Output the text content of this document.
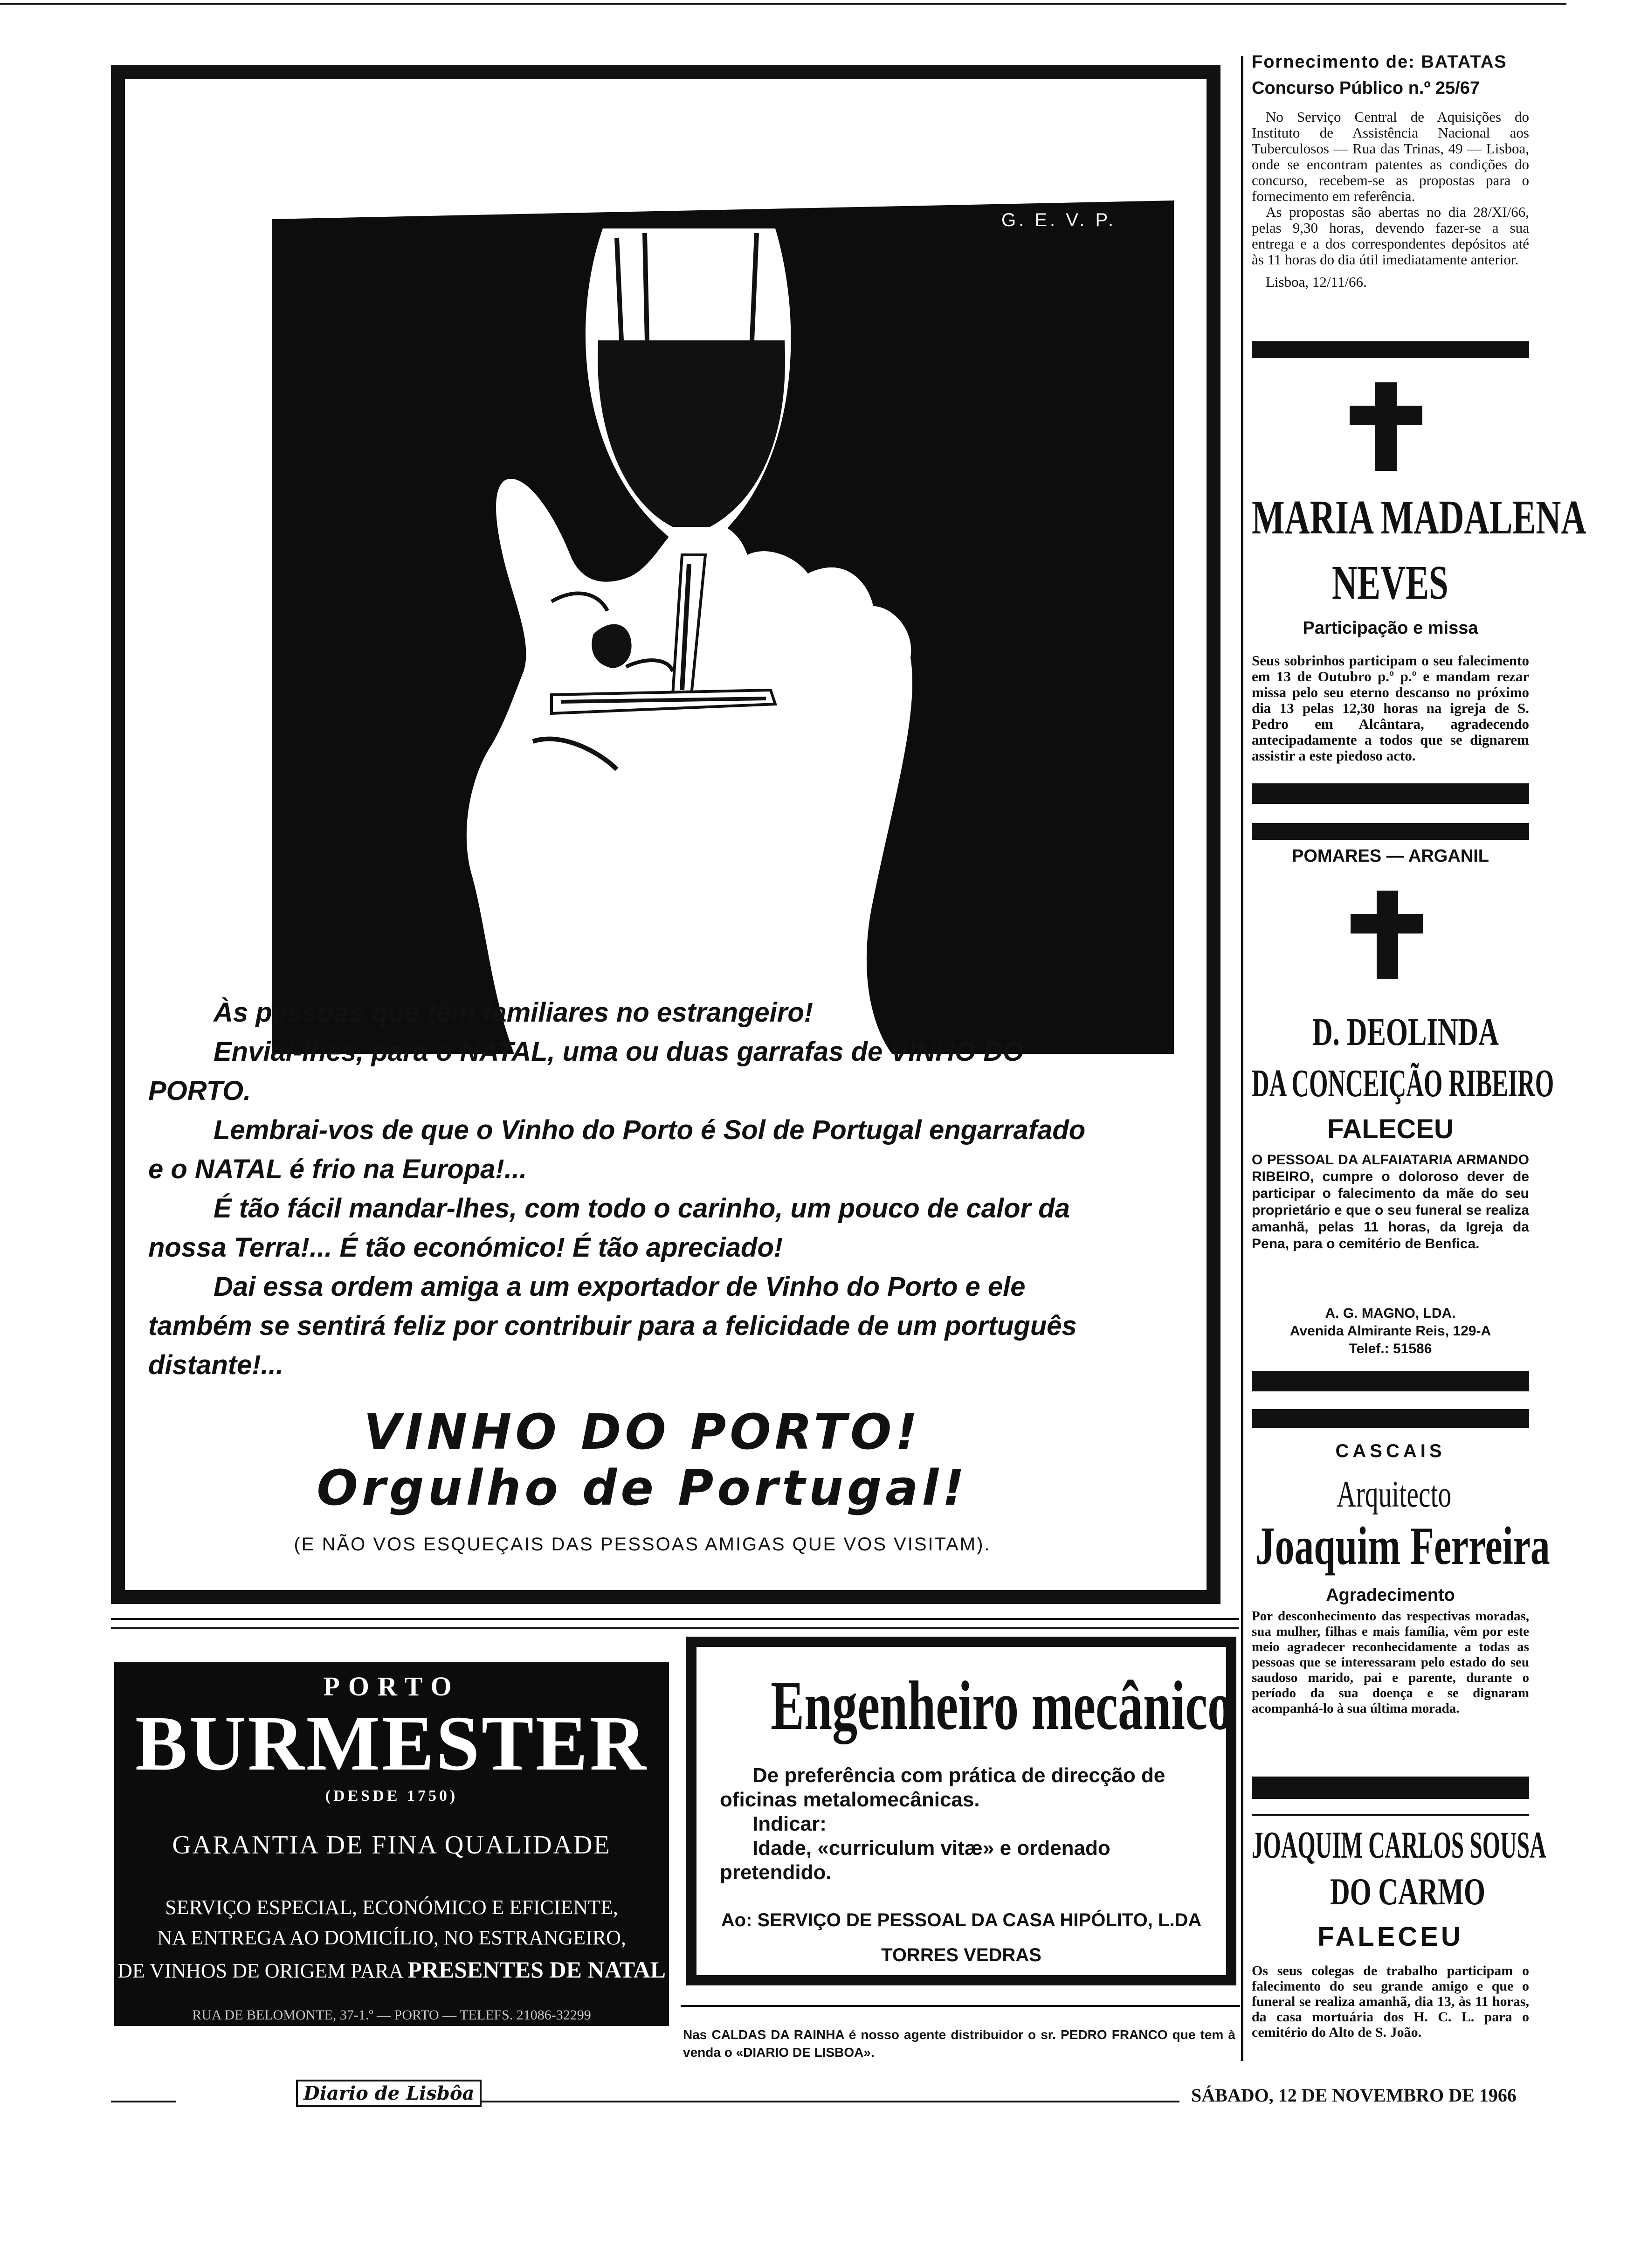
G. E. V. P.

Às pessoas que têm familiares no estrangeiro!

Enviai-lhes, para o NATAL, uma ou duas garrafas de VINHO DO PORTO.

Lembrai-vos de que o Vinho do Porto é Sol de Portugal engarrafado e o NATAL é frio na Europa!...

É tão fácil mandar-lhes, com todo o carinho, um pouco de calor da nossa Terra!... É tão económico! É tão apreciado!

Dai essa ordem amiga a um exportador de Vinho do Porto e ele também se sentirá feliz por contribuir para a felicidade de um português distante!...

VINHO DO PORTO!
Orgulho de Portugal!
(E NÃO VOS ESQUEÇAIS DAS PESSOAS AMIGAS QUE VOS VISITAM).
Fornecimento de: BATATAS
Concurso Público n.º 25/67

No Serviço Central de Aquisições do Instituto de Assistência Nacional aos Tuberculosos — Rua das Trinas, 49 — Lisboa, onde se encontram patentes as condições do concurso, recebem-se as propostas para o fornecimento em referência.

As propostas são abertas no dia 28/XI/66, pelas 9,30 horas, devendo fazer-se a sua entrega e a dos correspondentes depósitos até às 11 horas do dia útil imediatamente anterior.

Lisboa, 12/11/66.

MARIA MADALENA
NEVES
Participação e missa
Seus sobrinhos participam o seu falecimento em 13 de Outubro p.º p.º e mandam rezar missa pelo seu eterno descanso no próximo dia 13 pelas 12,30 horas na igreja de S. Pedro em Alcântara, agradecendo antecipadamente a todos que se dignarem assistir a este piedoso acto.
POMARES — ARGANIL
D. DEOLINDA
DA CONCEIÇÃO RIBEIRO
FALECEU
O PESSOAL DA ALFAIATARIA ARMANDO RIBEIRO, cumpre o doloroso dever de participar o falecimento da mãe do seu proprietário e que o seu funeral se realiza amanhã, pelas 11 horas, da Igreja da Pena, para o cemitério de Benfica.
A. G. MAGNO, LDA.
Avenida Almirante Reis, 129-A
Telef.: 51586
CASCAIS
Arquitecto
Joaquim Ferreira
Agradecimento
Por desconhecimento das respectivas moradas, sua mulher, filhas e mais família, vêm por este meio agradecer reconhecidamente a todas as pessoas que se interessaram pelo estado do seu saudoso marido, pai e parente, durante o período da sua doença e se dignaram acompanhá-lo à sua última morada.
JOAQUIM CARLOS SOUSA
DO CARMO
FALECEU
Os seus colegas de trabalho participam o falecimento do seu grande amigo e que o funeral se realiza amanhã, dia 13, às 11 horas, da casa mortuária dos H. C. L. para o cemitério do Alto de S. João.
PORTO
BURMESTER
(DESDE 1750)
GARANTIA DE FINA QUALIDADE
SERVIÇO ESPECIAL, ECONÓMICO E EFICIENTE,
NA ENTREGA AO DOMICÍLIO, NO ESTRANGEIRO,
DE VINHOS DE ORIGEM PARA PRESENTES DE NATAL
RUA DE BELOMONTE, 37-1.º — PORTO — TELEFS. 21086-32299
Engenheiro mecânico

De preferência com prática de direcção de oficinas metalomecânicas.

Indicar:

Idade, «curriculum vitæ» e ordenado pretendido.

Ao: SERVIÇO DE PESSOAL DA CASA HIPÓLITO, L.DA
TORRES VEDRAS
Nas CALDAS DA RAINHA é nosso agente distribuidor o sr. PEDRO FRANCO que tem à venda o «DIARIO DE LISBOA».
Diario de Lisbôa	SÁBADO, 12 DE NOVEMBRO DE 1966
